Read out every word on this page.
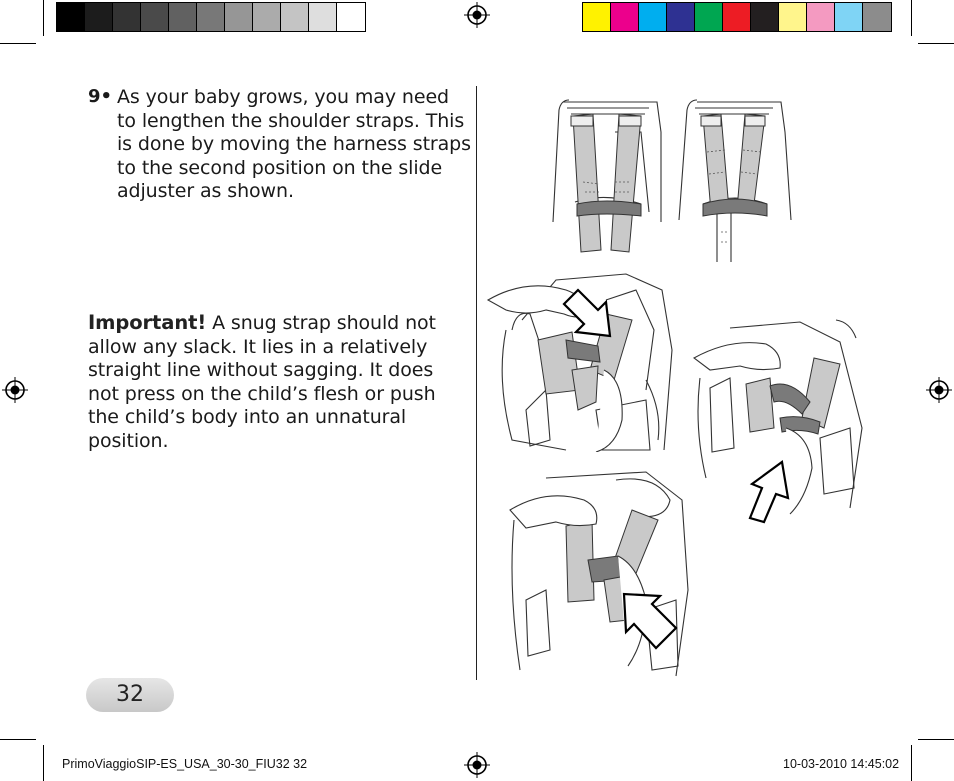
9• As your baby grows, you may need
to lengthen the shoulder straps. This
is done by moving the harness straps
to the second position on the slide
adjuster as shown.
Important! A snug strap should not
allow any slack. It lies in a relatively
straight line without sagging. It does
not press on the child’s flesh or push
the child’s body into an unnatural
position.
32
PrimoViaggioSIP-ES_USA_30-30_FIU32 32	10-03-2010 14:45:02
